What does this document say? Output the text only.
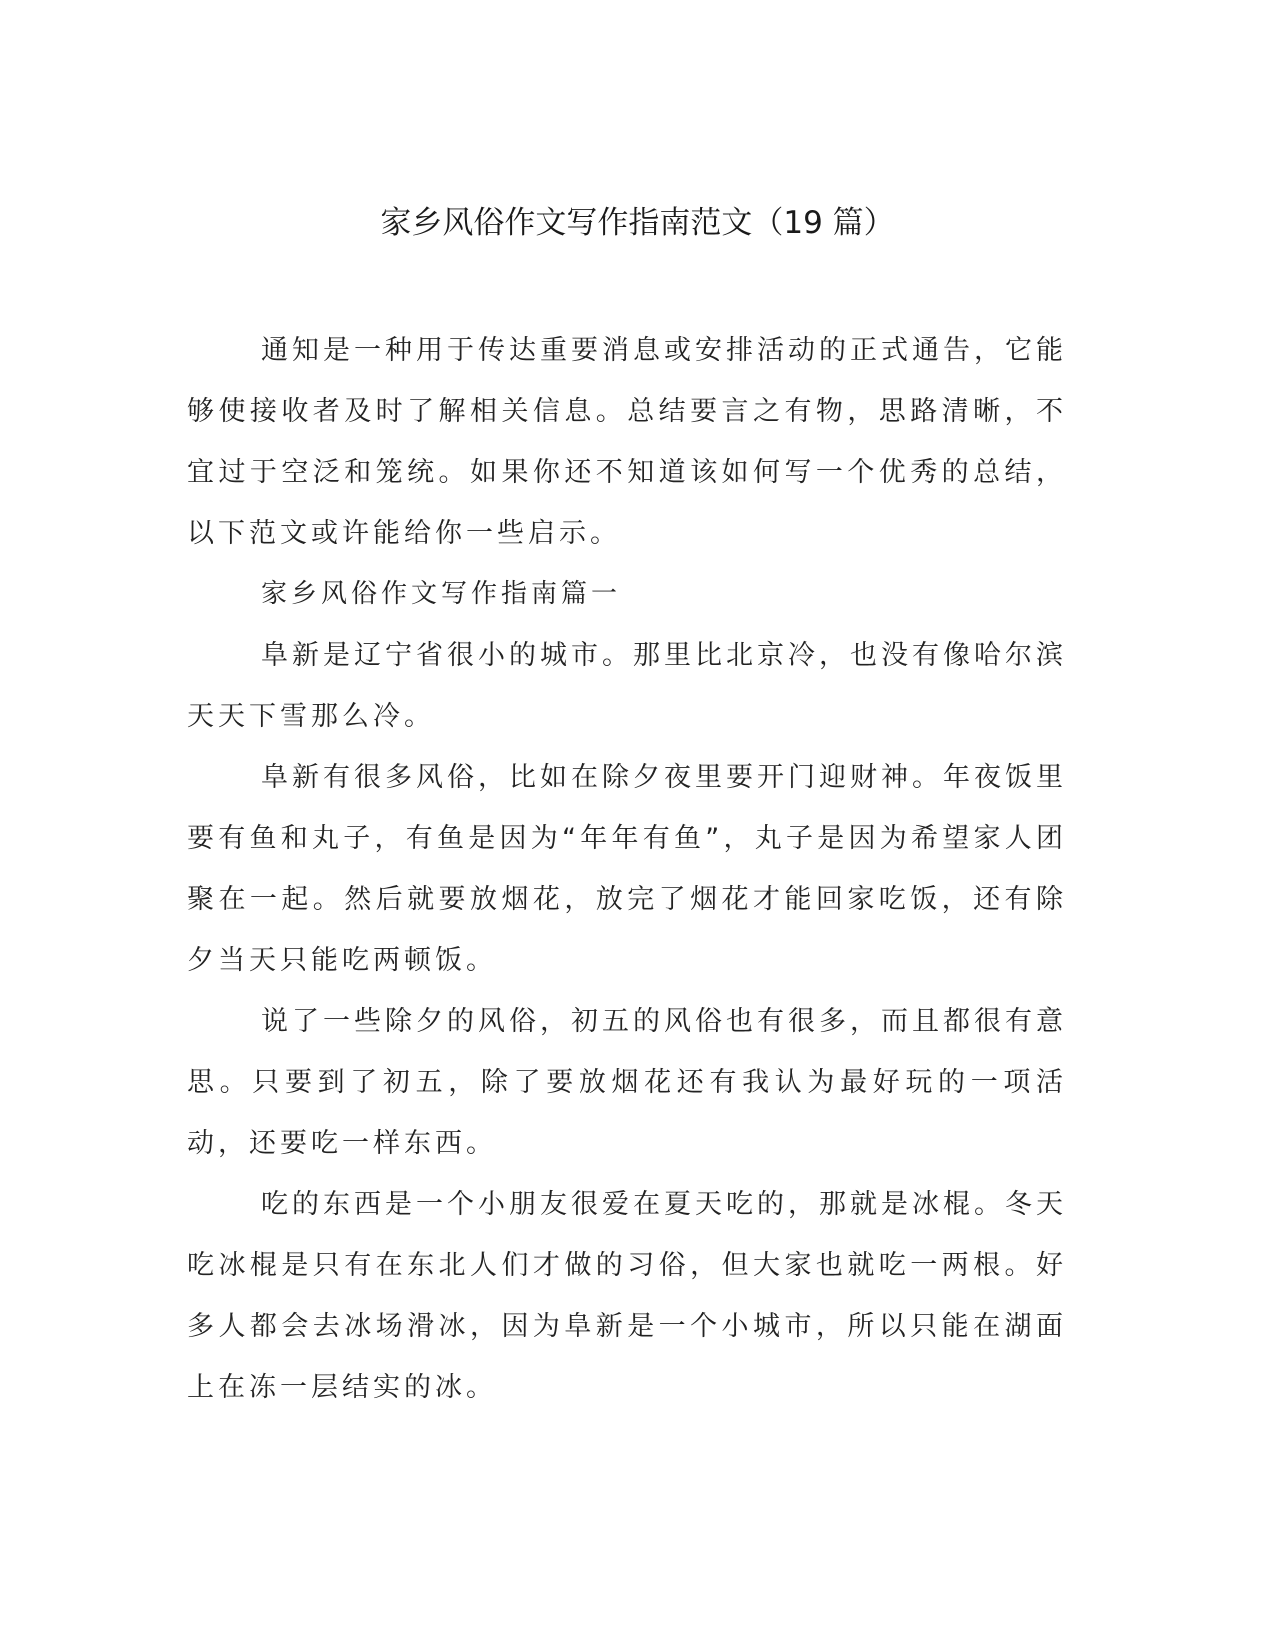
家乡风俗作文写作指南范文（19 篇）

通知是一种用于传达重要消息或安排活动的正式通告，它能够使接收者及时了解相关信息。总结要言之有物，思路清晰，不宜过于空泛和笼统。如果你还不知道该如何写一个优秀的总结，以下范文或许能给你一些启示。

家乡风俗作文写作指南篇一

阜新是辽宁省很小的城市。那里比北京冷，也没有像哈尔滨天天下雪那么冷。

阜新有很多风俗，比如在除夕夜里要开门迎财神。年夜饭里要有鱼和丸子，有鱼是因为“年年有鱼”，丸子是因为希望家人团聚在一起。然后就要放烟花，放完了烟花才能回家吃饭，还有除夕当天只能吃两顿饭。

说了一些除夕的风俗，初五的风俗也有很多，而且都很有意思。只要到了初五，除了要放烟花还有我认为最好玩的一项活动，还要吃一样东西。

吃的东西是一个小朋友很爱在夏天吃的，那就是冰棍。冬天吃冰棍是只有在东北人们才做的习俗，但大家也就吃一两根。好多人都会去冰场滑冰，因为阜新是一个小城市，所以只能在湖面上在冻一层结实的冰。
